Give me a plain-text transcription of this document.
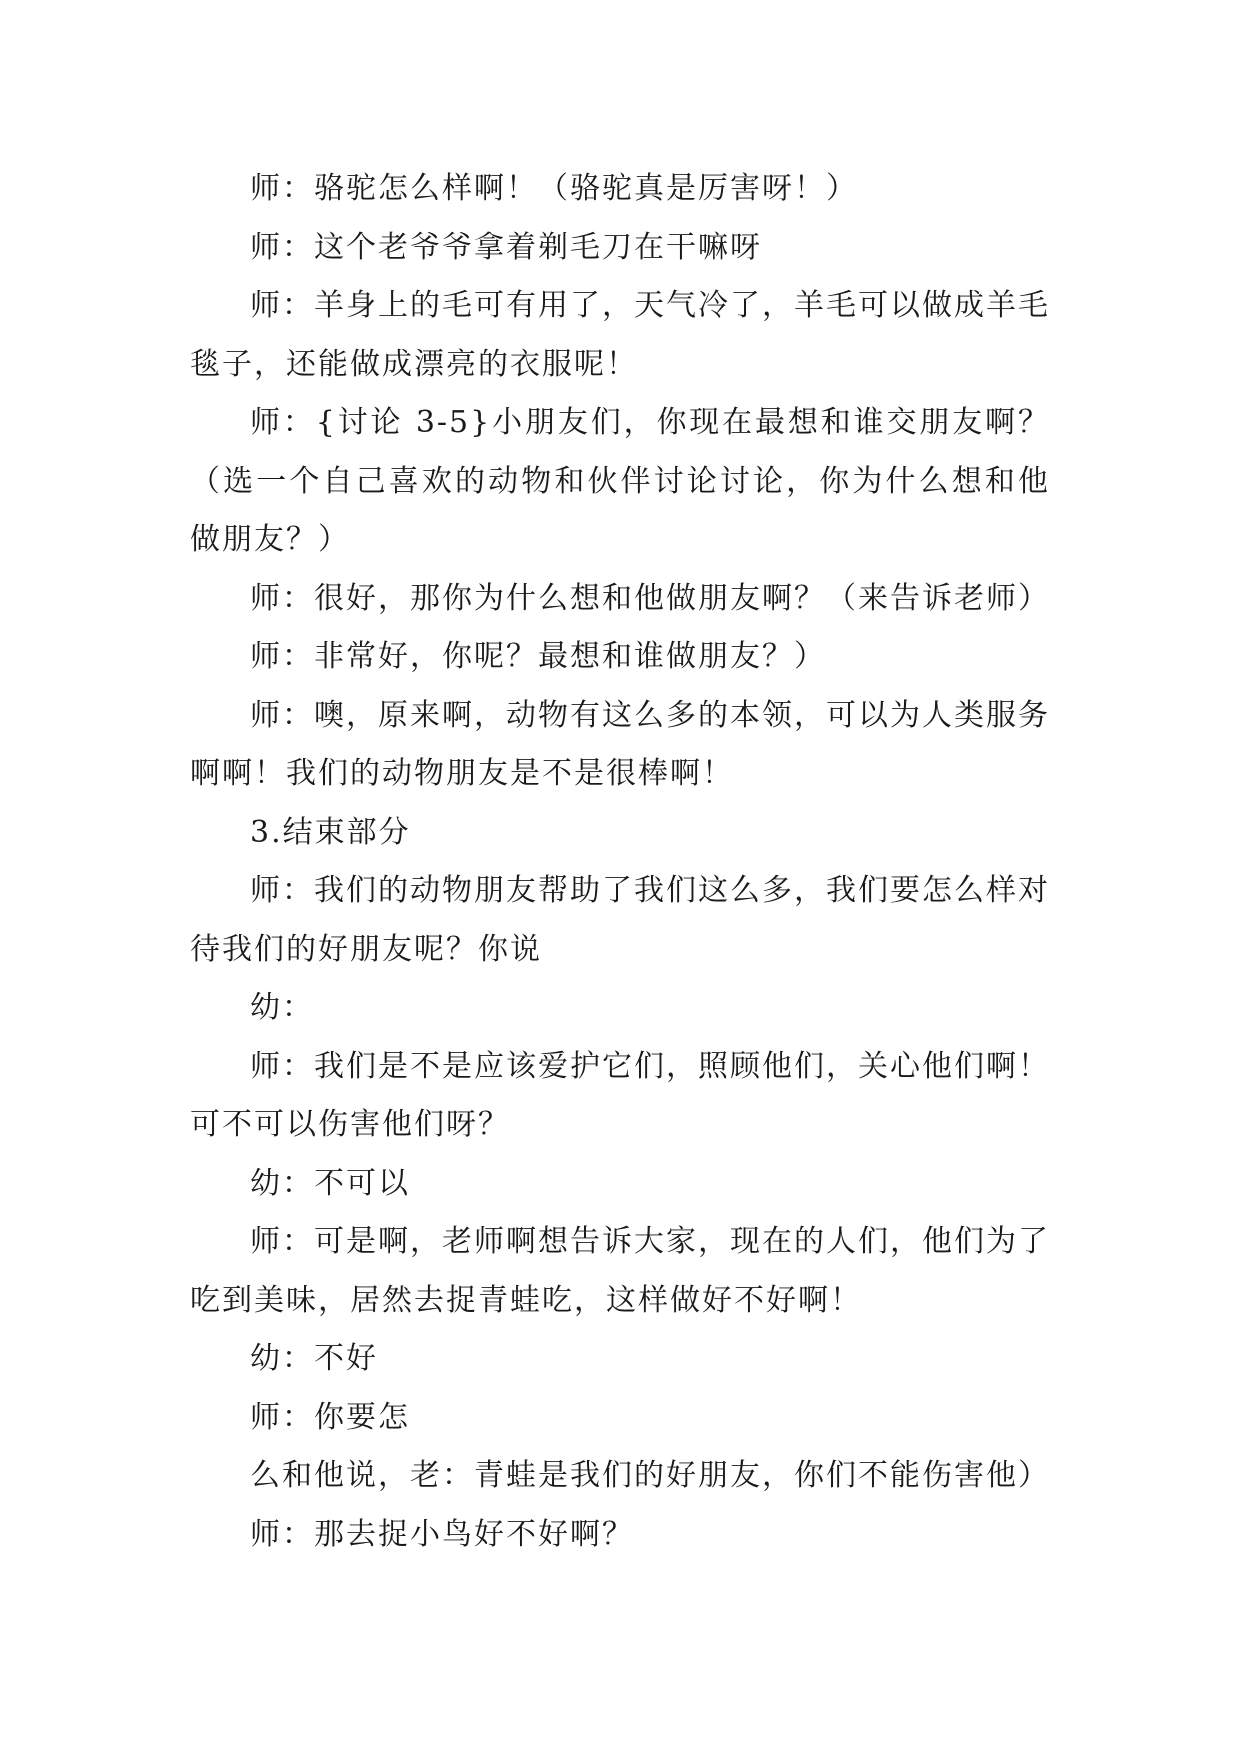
师：骆驼怎么样啊！（骆驼真是厉害呀！）

师：这个老爷爷拿着剃毛刀在干嘛呀

师：羊身上的毛可有用了，天气冷了，羊毛可以做成羊毛毯子，还能做成漂亮的衣服呢！

师：{讨论 3-5}小朋友们，你现在最想和谁交朋友啊？（选一个自己喜欢的动物和伙伴讨论讨论，你为什么想和他做朋友？）

师：很好，那你为什么想和他做朋友啊？（来告诉老师）

师：非常好，你呢？最想和谁做朋友？）

师：噢，原来啊，动物有这么多的本领，可以为人类服务啊啊！我们的动物朋友是不是很棒啊！

3.结束部分

师：我们的动物朋友帮助了我们这么多，我们要怎么样对待我们的好朋友呢？你说

幼：

师：我们是不是应该爱护它们，照顾他们，关心他们啊！可不可以伤害他们呀？

幼：不可以

师：可是啊，老师啊想告诉大家，现在的人们，他们为了吃到美味，居然去捉青蛙吃，这样做好不好啊！

幼：不好

师：你要怎

么和他说，老：青蛙是我们的好朋友，你们不能伤害他）

师：那去捉小鸟好不好啊？
